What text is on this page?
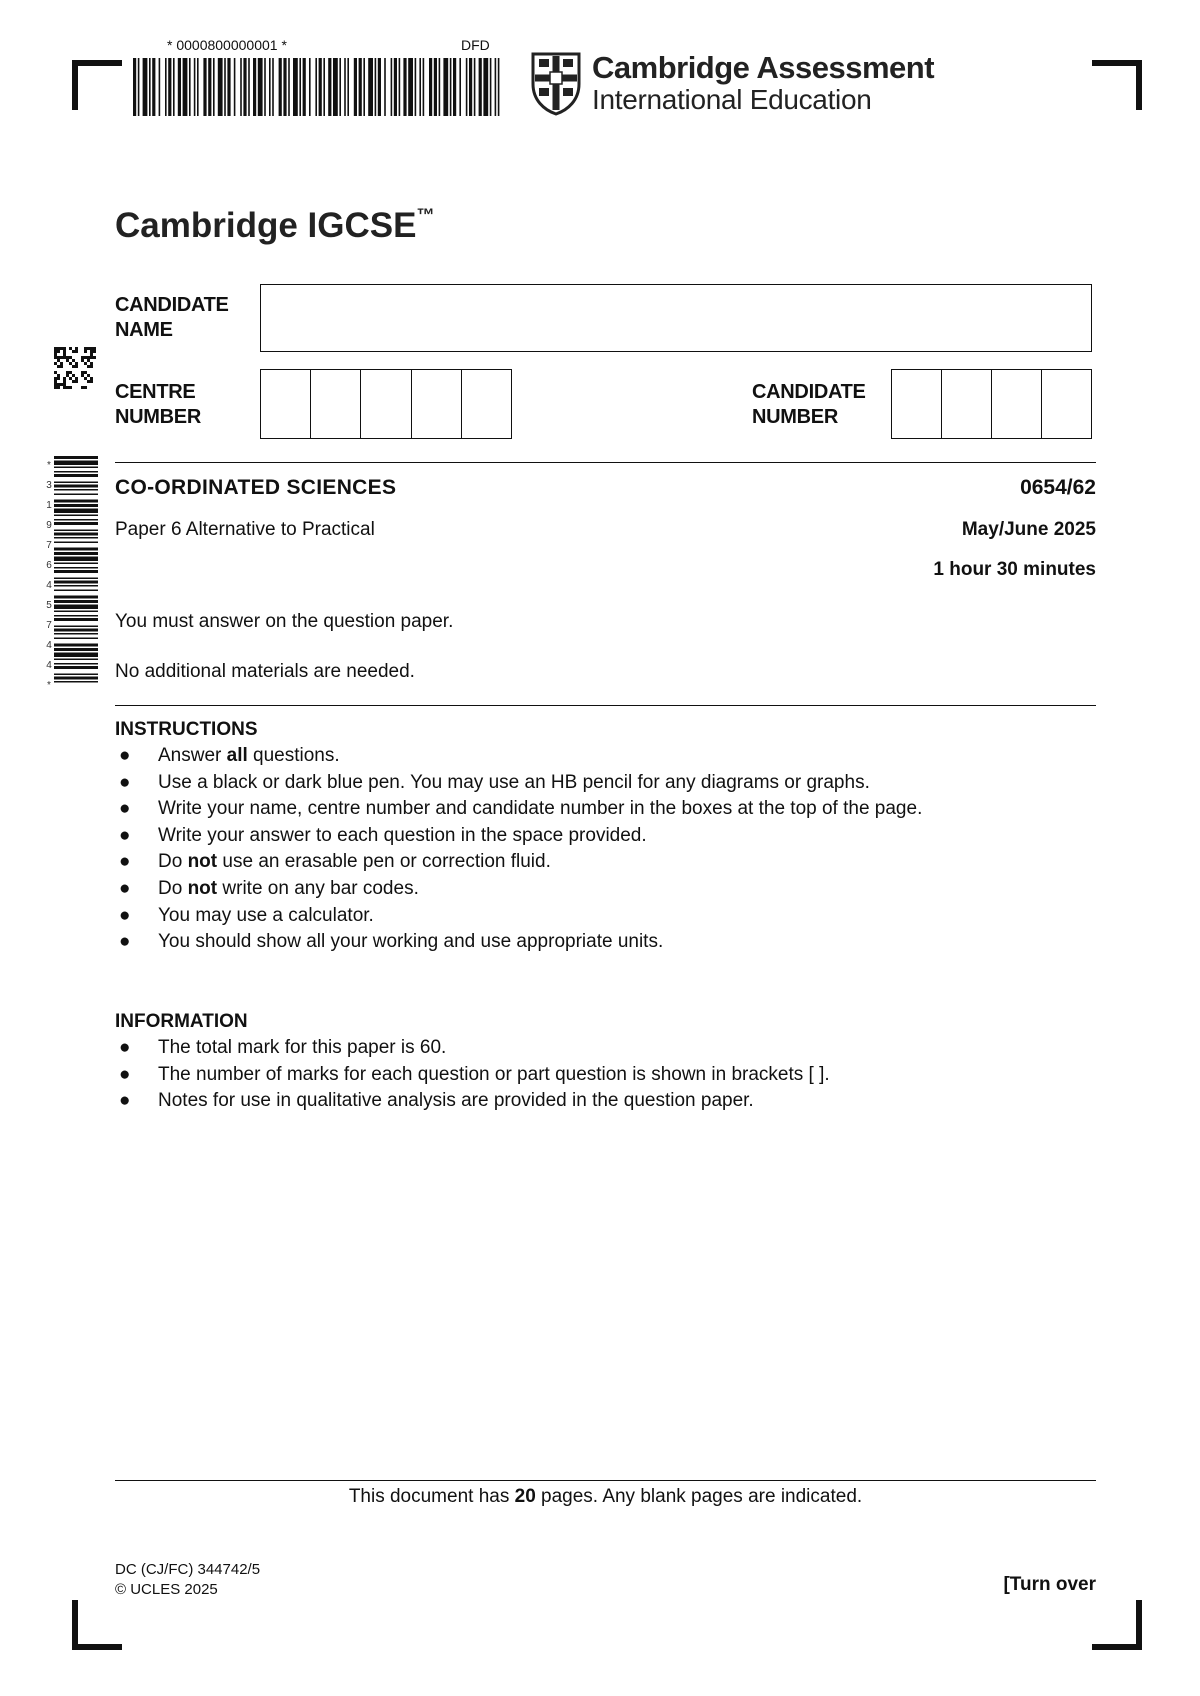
* 0000800000001 *	DFD
*
3
1
9
7
6
4
5
7
4
4
*
Cambridge Assessment
International Education
Cambridge IGCSE™
CANDIDATE
NAME
CENTRE
NUMBER
CANDIDATE
NUMBER
CO-ORDINATED SCIENCES	0654/62
Paper 6 Alternative to Practical	May/June 2025
1 hour 30 minutes
You must answer on the question paper.
No additional materials are needed.
INSTRUCTIONS
● Answer all questions.
● Use a black or dark blue pen. You may use an HB pencil for any diagrams or graphs.
● Write your name, centre number and candidate number in the boxes at the top of the page.
● Write your answer to each question in the space provided.
● Do not use an erasable pen or correction fluid.
● Do not write on any bar codes.
● You may use a calculator.
● You should show all your working and use appropriate units.
INFORMATION
● The total mark for this paper is 60.
● The number of marks for each question or part question is shown in brackets [ ].
● Notes for use in qualitative analysis are provided in the question paper.
This document has 20 pages. Any blank pages are indicated.
DC (CJ/FC) 344742/5
© UCLES 2025	[Turn over
